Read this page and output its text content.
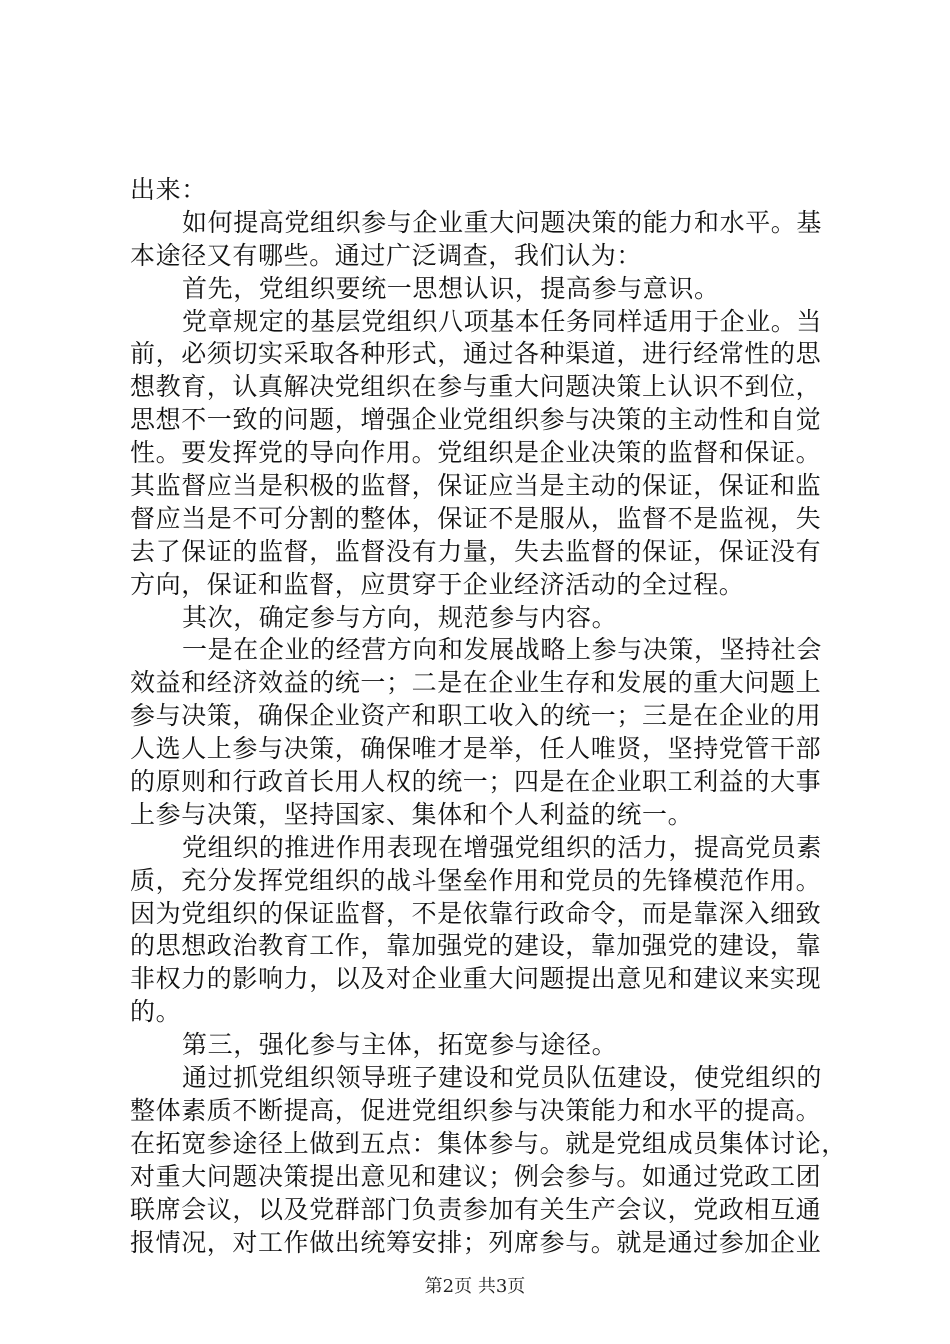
出来：
如何提高党组织参与企业重大问题决策的能力和水平。基
本途径又有哪些。通过广泛调查，我们认为：
首先，党组织要统一思想认识，提高参与意识。
党章规定的基层党组织八项基本任务同样适用于企业。当
前，必须切实采取各种形式，通过各种渠道，进行经常性的思
想教育，认真解决党组织在参与重大问题决策上认识不到位，
思想不一致的问题，增强企业党组织参与决策的主动性和自觉
性。要发挥党的导向作用。党组织是企业决策的监督和保证。
其监督应当是积极的监督，保证应当是主动的保证，保证和监
督应当是不可分割的整体，保证不是服从，监督不是监视，失
去了保证的监督，监督没有力量，失去监督的保证，保证没有
方向，保证和监督，应贯穿于企业经济活动的全过程。
其次，确定参与方向，规范参与内容。
一是在企业的经营方向和发展战略上参与决策，坚持社会
效益和经济效益的统一；二是在企业生存和发展的重大问题上
参与决策，确保企业资产和职工收入的统一；三是在企业的用
人选人上参与决策，确保唯才是举，任人唯贤，坚持党管干部
的原则和行政首长用人权的统一；四是在企业职工利益的大事
上参与决策，坚持国家、集体和个人利益的统一。
党组织的推进作用表现在增强党组织的活力，提高党员素
质，充分发挥党组织的战斗堡垒作用和党员的先锋模范作用。
因为党组织的保证监督，不是依靠行政命令，而是靠深入细致
的思想政治教育工作，靠加强党的建设，靠加强党的建设，靠
非权力的影响力，以及对企业重大问题提出意见和建议来实现
的。
第三，强化参与主体，拓宽参与途径。
通过抓党组织领导班子建设和党员队伍建设，使党组织的
整体素质不断提高，促进党组织参与决策能力和水平的提高。
在拓宽参途径上做到五点：集体参与。就是党组成员集体讨论，
对重大问题决策提出意见和建议；例会参与。如通过党政工团
联席会议，以及党群部门负责参加有关生产会议，党政相互通
报情况，对工作做出统筹安排；列席参与。就是通过参加企业
第2页 共3页
